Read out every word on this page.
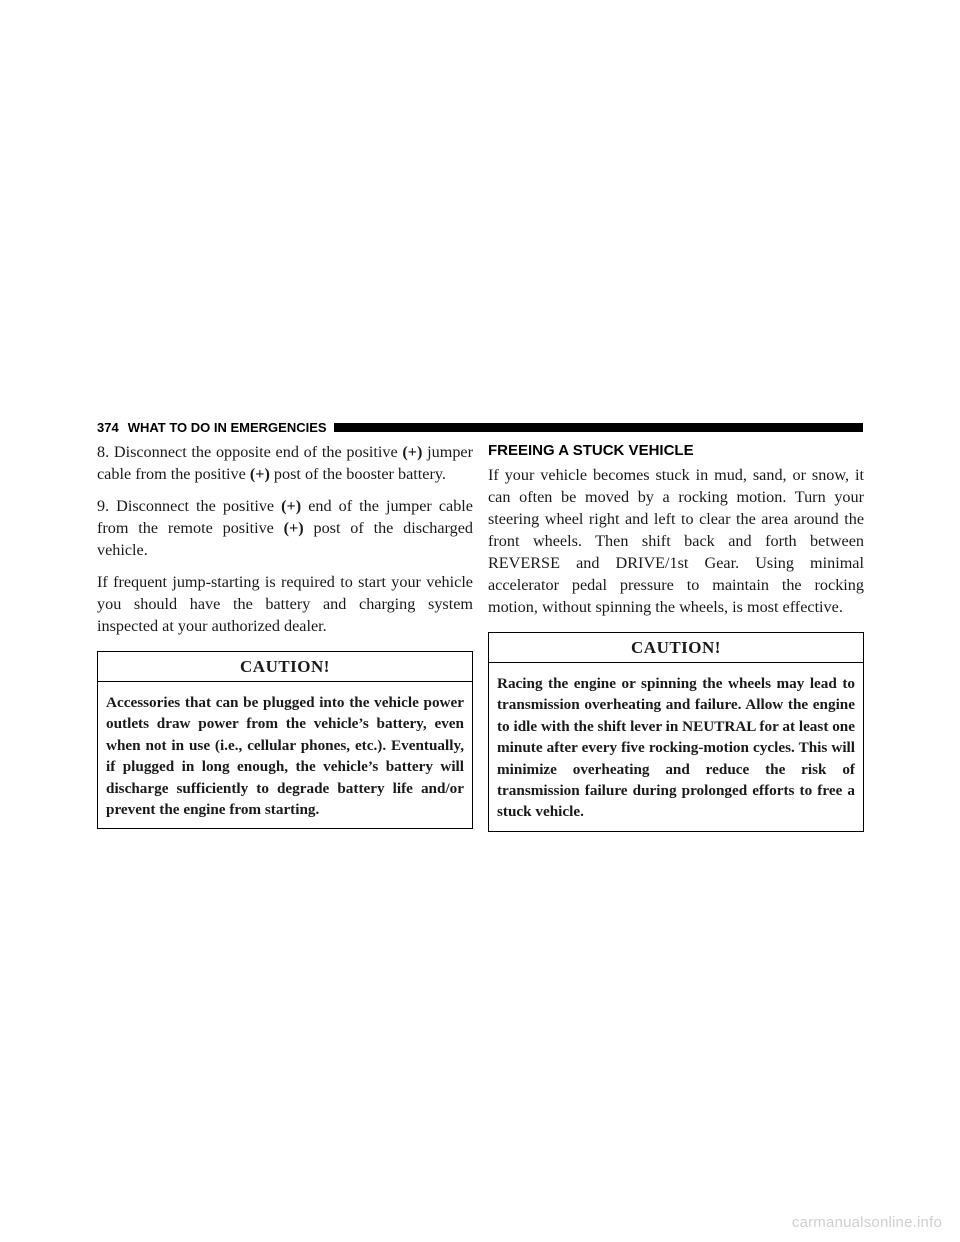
374 WHAT TO DO IN EMERGENCIES

8. Disconnect the opposite end of the positive (+) jumper cable from the positive (+) post of the booster battery.

9. Disconnect the positive (+) end of the jumper cable from the remote positive (+) post of the discharged vehicle.

If frequent jump-starting is required to start your vehicle you should have the battery and charging system inspected at your authorized dealer.

CAUTION!
Accessories that can be plugged into the vehicle power outlets draw power from the vehicle’s battery, even when not in use (i.e., cellular phones, etc.). Eventually, if plugged in long enough, the vehicle’s battery will discharge sufficiently to degrade battery life and/or prevent the engine from starting.
FREEING A STUCK VEHICLE

If your vehicle becomes stuck in mud, sand, or snow, it can often be moved by a rocking motion. Turn your steering wheel right and left to clear the area around the front wheels. Then shift back and forth between REVERSE and DRIVE/1st Gear. Using minimal accelerator pedal pressure to maintain the rocking motion, without spinning the wheels, is most effective.

CAUTION!
Racing the engine or spinning the wheels may lead to transmission overheating and failure. Allow the engine to idle with the shift lever in NEUTRAL for at least one minute after every five rocking-motion cycles. This will minimize overheating and reduce the risk of transmission failure during prolonged efforts to free a stuck vehicle.
carmanualsonline.info
